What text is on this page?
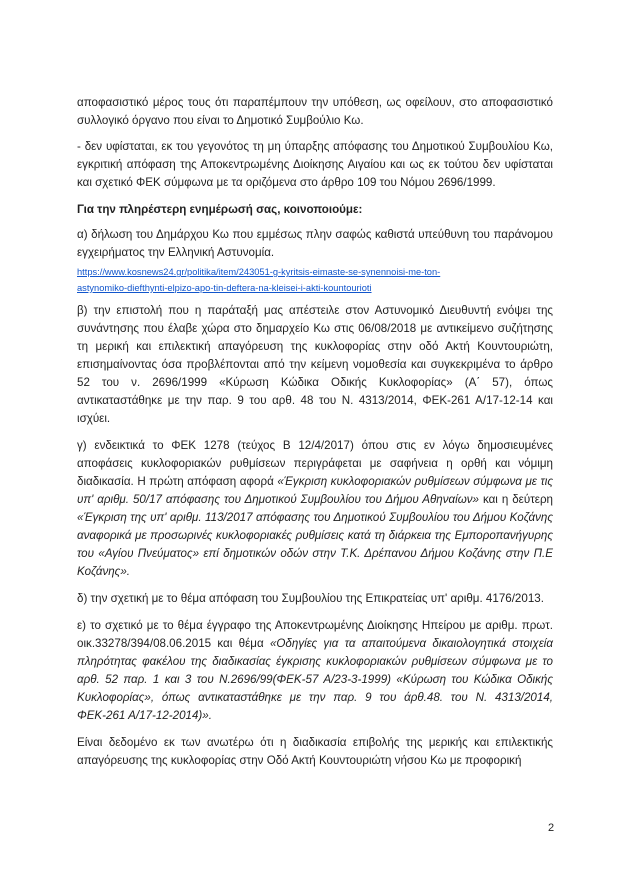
αποφασιστικό μέρος τους ότι παραπέμπουν την υπόθεση, ως οφείλουν, στο αποφασιστικό συλλογικό όργανο που είναι το Δημοτικό Συμβούλιο Κω.

- δεν υφίσταται, εκ του γεγονότος τη μη ύπαρξης απόφασης του Δημοτικού Συμβουλίου Κω, εγκριτική απόφαση της Αποκεντρωμένης Διοίκησης Αιγαίου και ως εκ τούτου δεν υφίσταται και σχετικό ΦΕΚ σύμφωνα με τα οριζόμενα στο άρθρο 109 του Νόμου 2696/1999.

Για την πληρέστερη ενημέρωσή σας, κοινοποιούμε:

α) δήλωση του Δημάρχου Κω που εμμέσως πλην σαφώς καθιστά υπεύθυνη του παράνομου εγχειρήματος την Ελληνική Αστυνομία.

https://www.kosnews24.gr/politika/item/243051-g-kyritsis-eimaste-se-synennoisi-me-ton-
astynomiko-diefthynti-elpizo-apo-tin-deftera-na-kleisei-i-akti-kountourioti

β) την επιστολή που η παράταξή μας απέστειλε στον Αστυνομικό Διευθυντή ενόψει της συνάντησης που έλαβε χώρα στο δημαρχείο Κω στις 06/08/2018 με αντικείμενο συζήτησης τη μερική και επιλεκτική απαγόρευση της κυκλοφορίας στην οδό Ακτή Κουντουριώτη, επισημαίνοντας όσα προβλέπονται από την κείμενη νομοθεσία και συγκεκριμένα το άρθρο 52 του ν. 2696/1999 «Κύρωση Κώδικα Οδικής Κυκλοφορίας» (Α΄ 57), όπως αντικαταστάθηκε με την παρ. 9 του αρθ. 48 του Ν. 4313/2014, ΦΕΚ-261 Α/17-12-14 και ισχύει.

γ) ενδεικτικά το ΦΕΚ 1278 (τεύχος Β 12/4/2017) όπου στις εν λόγω δημοσιευμένες αποφάσεις κυκλοφοριακών ρυθμίσεων περιγράφεται με σαφήνεια η ορθή και νόμιμη διαδικασία. Η πρώτη απόφαση αφορά «Έγκριση κυκλοφοριακών ρυθμίσεων σύμφωνα με τις υπ' αριθμ. 50/17 απόφασης του Δημοτικού Συμβουλίου του Δήμου Αθηναίων» και η δεύτερη «Έγκριση της υπ' αριθμ. 113/2017 απόφασης του Δημοτικού Συμβουλίου του Δήμου Κοζάνης αναφορικά με προσωρινές κυκλοφοριακές ρυθμίσεις κατά τη διάρκεια της Εμποροπανήγυρης του «Αγίου Πνεύματος» επί δημοτικών οδών στην Τ.Κ. Δρέπανου Δήμου Κοζάνης στην Π.Ε Κοζάνης».

δ) την σχετική με το θέμα απόφαση του Συμβουλίου της Επικρατείας υπ' αριθμ. 4176/2013.

ε) το σχετικό με το θέμα έγγραφο της Αποκεντρωμένης Διοίκησης Ηπείρου με αριθμ. πρωτ. οικ.33278/394/08.06.2015 και θέμα «Οδηγίες για τα απαιτούμενα δικαιολογητικά στοιχεία πληρότητας φακέλου της διαδικασίας έγκρισης κυκλοφοριακών ρυθμίσεων σύμφωνα με το αρθ. 52 παρ. 1 και 3 του Ν.2696/99(ΦΕΚ-57 Α/23-3-1999) «Κύρωση του Κώδικα Οδικής Κυκλοφορίας», όπως αντικαταστάθηκε με την παρ. 9 του άρθ.48. του Ν. 4313/2014, ΦΕΚ-261 Α/17-12-2014)».

Είναι δεδομένο εκ των ανωτέρω ότι η διαδικασία επιβολής της μερικής και επιλεκτικής απαγόρευσης της κυκλοφορίας στην Οδό Ακτή Κουντουριώτη νήσου Κω με προφορική

2
